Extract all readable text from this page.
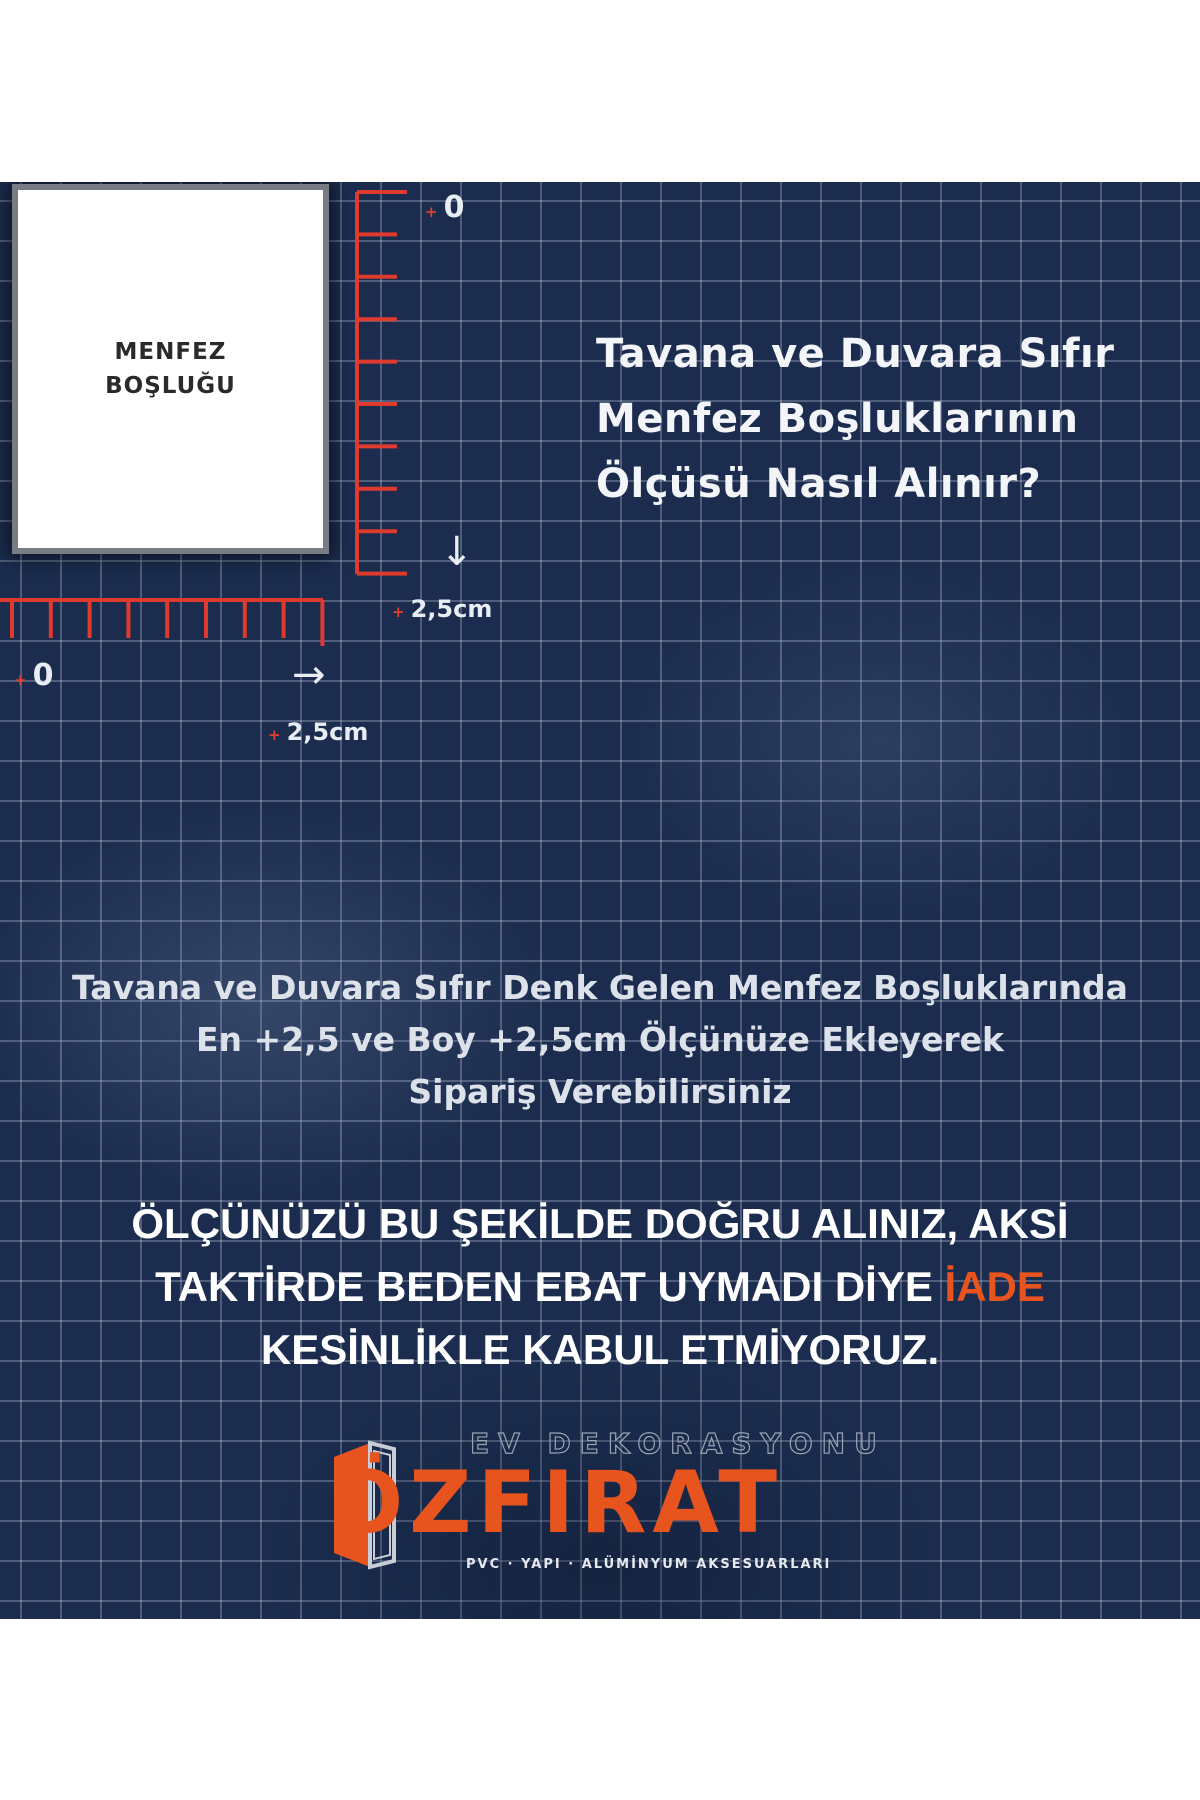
MENFEZ
BOŞLUĞU
+ 0
↓
+ 2,5cm
+ 0	→
+ 2,5cm
Tavana ve Duvara Sıfır
Menfez Boşluklarının
Ölçüsü Nasıl Alınır?
Tavana ve Duvara Sıfır Denk Gelen Menfez Boşluklarında
En +2,5 ve Boy +2,5cm Ölçünüze Ekleyerek
Sipariş Verebilirsiniz
ÖLÇÜNÜZÜ BU ŞEKİLDE DOĞRU ALINIZ, AKSİ
TAKTİRDE BEDEN EBAT UYMADI DİYE İADE
KESİNLİKLE KABUL ETMİYORUZ.
EV DEKORASYONU
ÖZFIRAT
PVC · YAPI · ALÜMİNYUM AKSESUARLARI
